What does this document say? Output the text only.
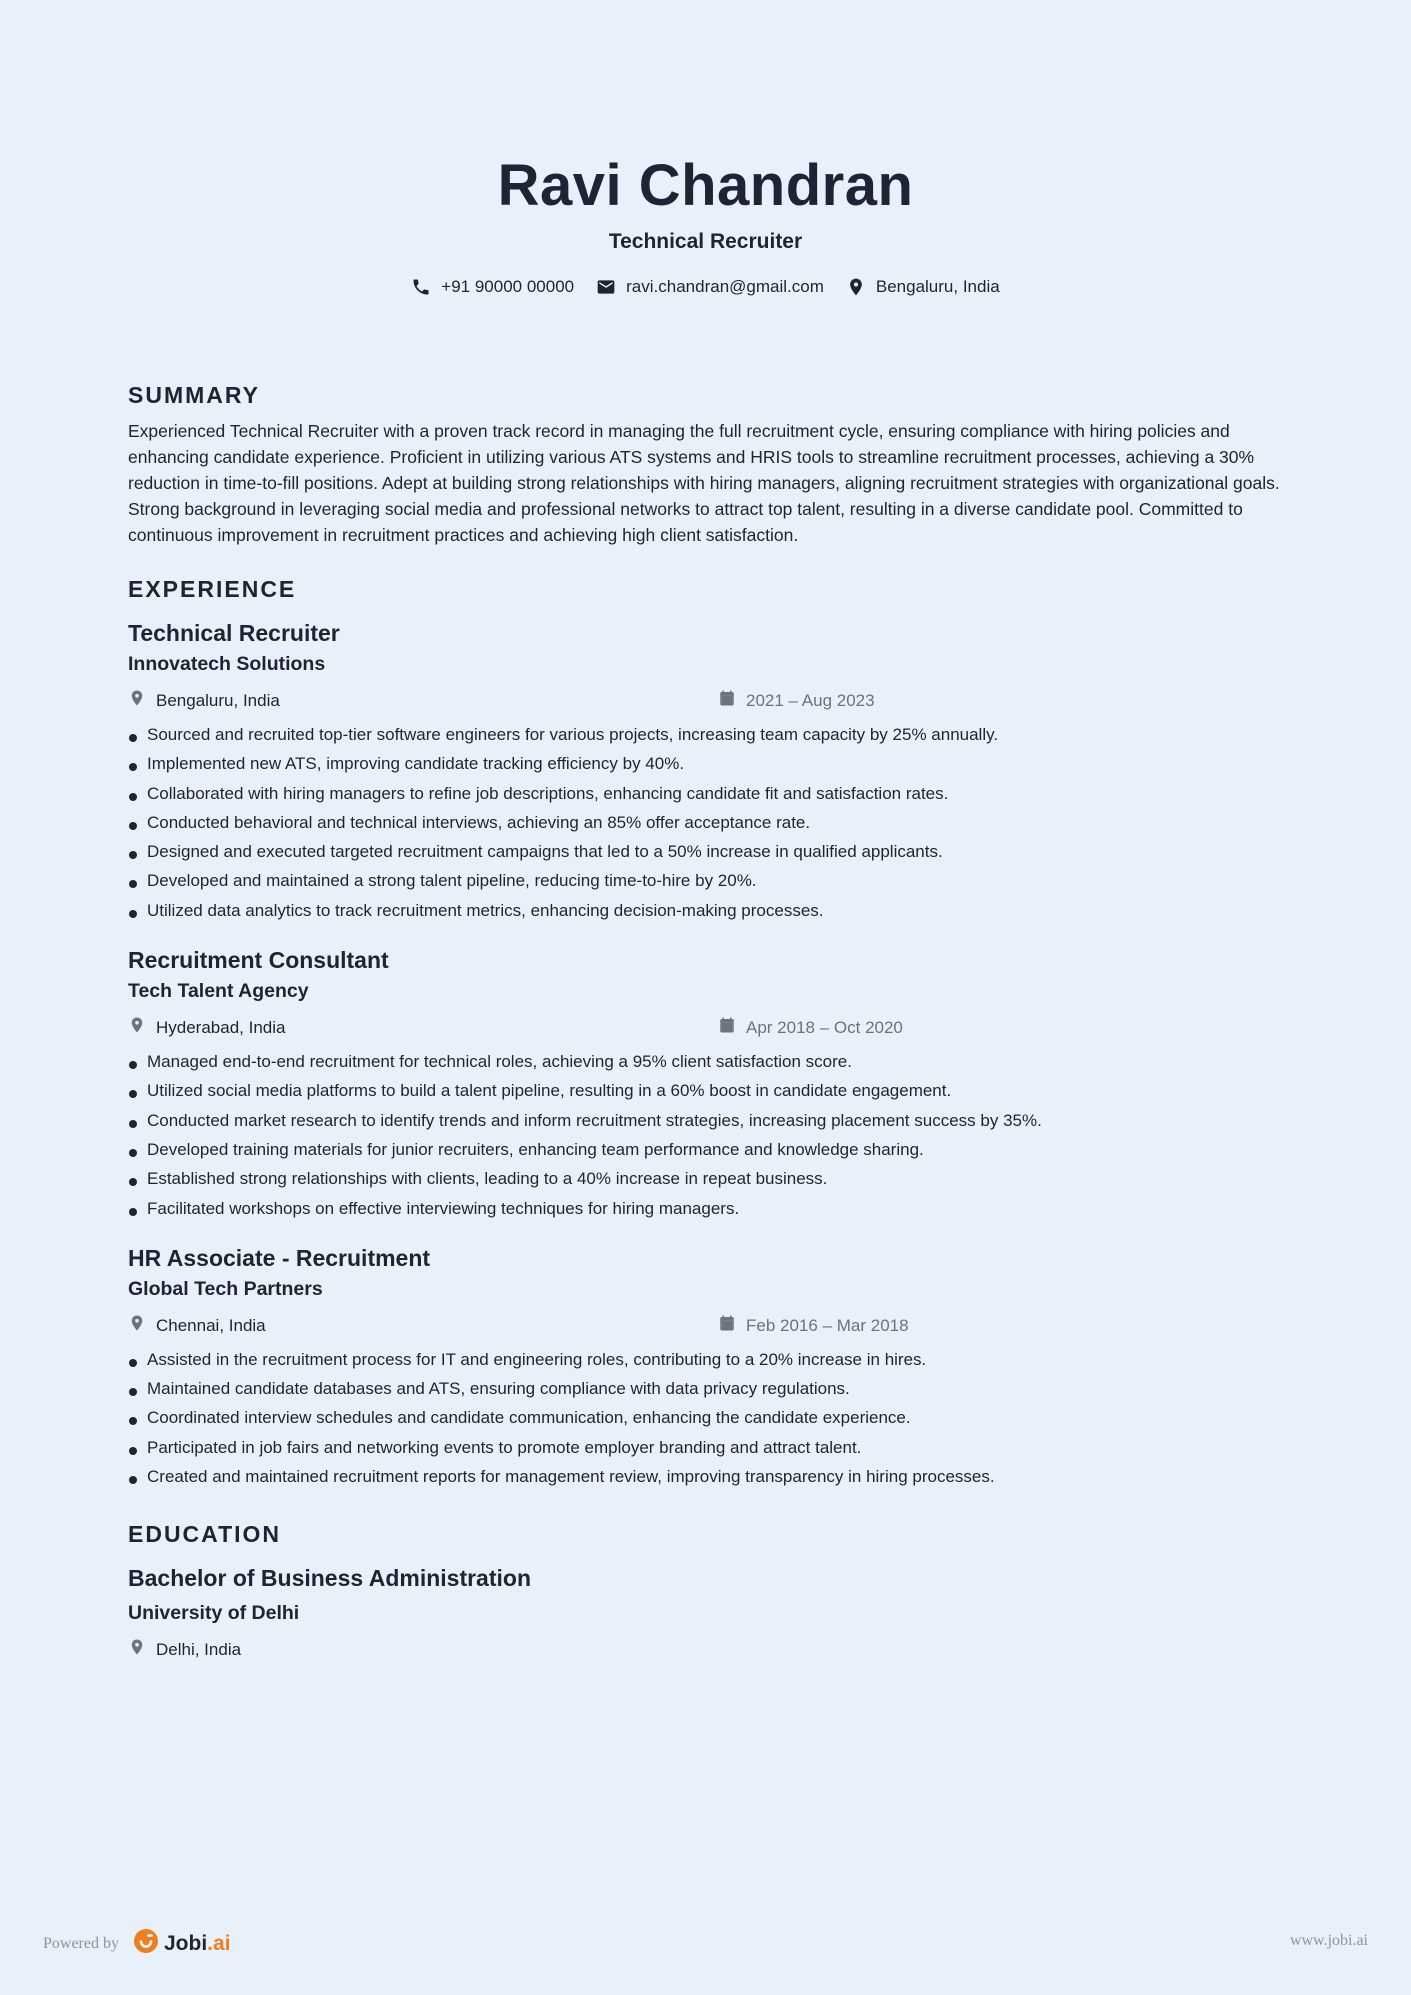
Ravi Chandran
Technical Recruiter
+91 90000 00000	ravi.chandran@gmail.com	Bengaluru, India
SUMMARY

Experienced Technical Recruiter with a proven track record in managing the full recruitment cycle, ensuring compliance with hiring policies and enhancing candidate experience. Proficient in utilizing various ATS systems and HRIS tools to streamline recruitment processes, achieving a 30% reduction in time-to-fill positions. Adept at building strong relationships with hiring managers, aligning recruitment strategies with organizational goals. Strong background in leveraging social media and professional networks to attract top talent, resulting in a diverse candidate pool. Committed to continuous improvement in recruitment practices and achieving high client satisfaction.

EXPERIENCE
Technical Recruiter
Innovatech Solutions
Bengaluru, India	2021 – Aug 2023
Sourced and recruited top-tier software engineers for various projects, increasing team capacity by 25% annually.
Implemented new ATS, improving candidate tracking efficiency by 40%.
Collaborated with hiring managers to refine job descriptions, enhancing candidate fit and satisfaction rates.
Conducted behavioral and technical interviews, achieving an 85% offer acceptance rate.
Designed and executed targeted recruitment campaigns that led to a 50% increase in qualified applicants.
Developed and maintained a strong talent pipeline, reducing time-to-hire by 20%.
Utilized data analytics to track recruitment metrics, enhancing decision-making processes.
Recruitment Consultant
Tech Talent Agency
Hyderabad, India	Apr 2018 – Oct 2020
Managed end-to-end recruitment for technical roles, achieving a 95% client satisfaction score.
Utilized social media platforms to build a talent pipeline, resulting in a 60% boost in candidate engagement.
Conducted market research to identify trends and inform recruitment strategies, increasing placement success by 35%.
Developed training materials for junior recruiters, enhancing team performance and knowledge sharing.
Established strong relationships with clients, leading to a 40% increase in repeat business.
Facilitated workshops on effective interviewing techniques for hiring managers.
HR Associate - Recruitment
Global Tech Partners
Chennai, India	Feb 2016 – Mar 2018
Assisted in the recruitment process for IT and engineering roles, contributing to a 20% increase in hires.
Maintained candidate databases and ATS, ensuring compliance with data privacy regulations.
Coordinated interview schedules and candidate communication, enhancing the candidate experience.
Participated in job fairs and networking events to promote employer branding and attract talent.
Created and maintained recruitment reports for management review, improving transparency in hiring processes.
EDUCATION
Bachelor of Business Administration
University of Delhi
Delhi, India
Powered by Jobi.ai	www.jobi.ai
